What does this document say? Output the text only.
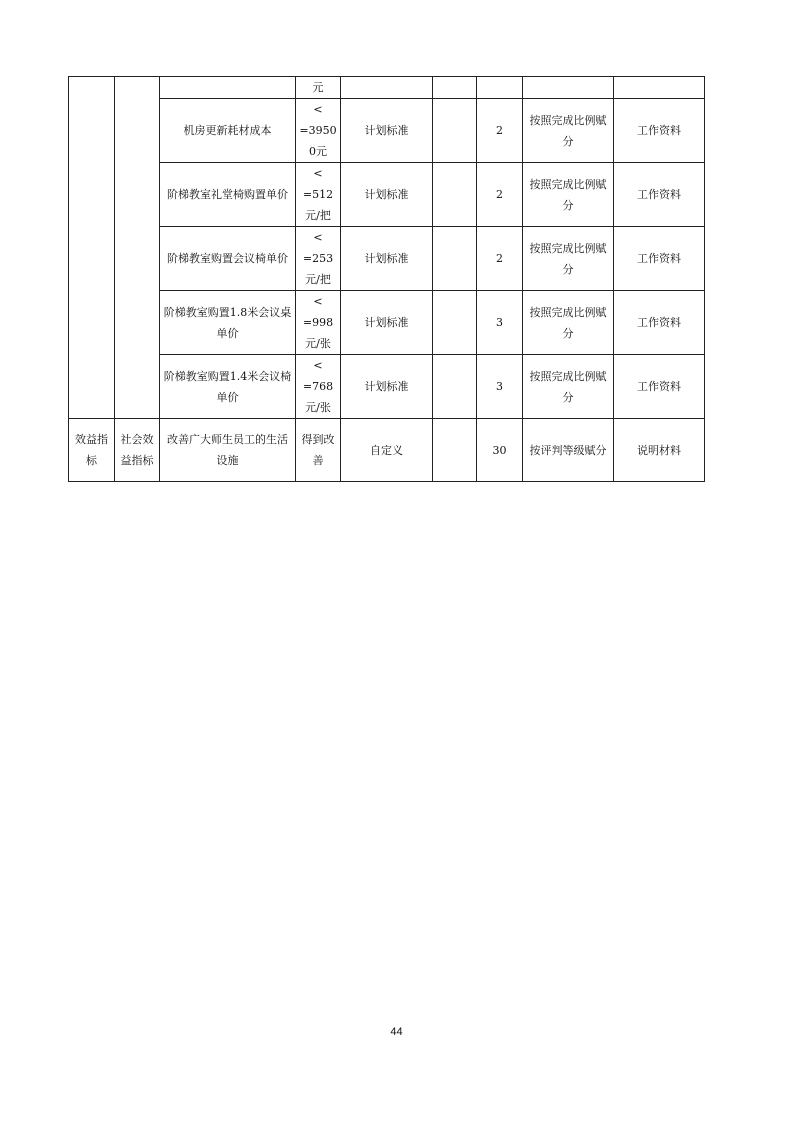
			元					
		机房更新耗材成本	<
=3950
0元	计划标准		2	按照完成比例赋分	工作资料
		阶梯教室礼堂椅购置单价	<
=512
元/把	计划标准		2	按照完成比例赋分	工作资料
		阶梯教室购置会议椅单价	<
=253
元/把	计划标准		2	按照完成比例赋分	工作资料
		阶梯教室购置1.8米会议桌单价	<
=998
元/张	计划标准		3	按照完成比例赋分	工作资料
		阶梯教室购置1.4米会议椅单价	<
=768
元/张	计划标准		3	按照完成比例赋分	工作资料
效益指标	社会效益指标	改善广大师生员工的生活设施	得到改善	自定义		30	按评判等级赋分	说明材料
44
